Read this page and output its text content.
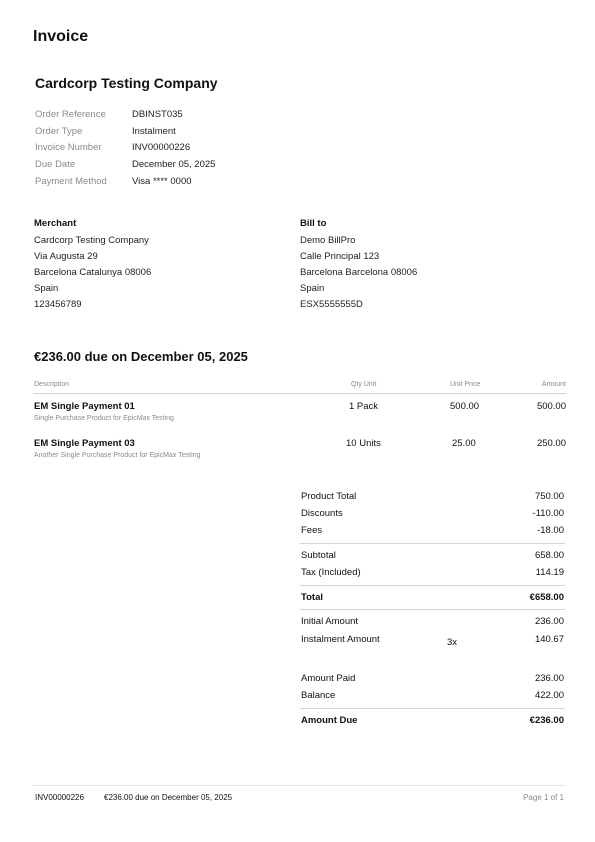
Invoice
Cardcorp Testing Company
Order Reference	DBINST035
Order Type	Instalment
Invoice Number	INV00000226
Due Date	December 05, 2025
Payment Method	Visa **** 0000
Merchant
Cardcorp Testing Company
Via Augusta 29
Barcelona Catalunya 08006
Spain
123456789
Bill to
Demo BillPro
Calle Principal 123
Barcelona Barcelona 08006
Spain
ESX5555555D
€236.00 due on December 05, 2025
Description	Qty Unit	Unit Price	Amount
EM Single Payment 01
Single Purchase Product for EpicMax Testing
1 Pack	500.00	500.00
EM Single Payment 03
Another Single Purchase Product for EpicMax Testing
10 Units	25.00	250.00
Product Total	750.00
Discounts	-110.00
Fees	-18.00
Subtotal	658.00
Tax (Included)	114.19
Total	€658.00
Initial Amount	236.00
Instalment Amount	3x	140.67
Amount Paid	236.00
Balance	422.00
Amount Due	€236.00
INV00000226	€236.00 due on December 05, 2025	Page 1 of 1
